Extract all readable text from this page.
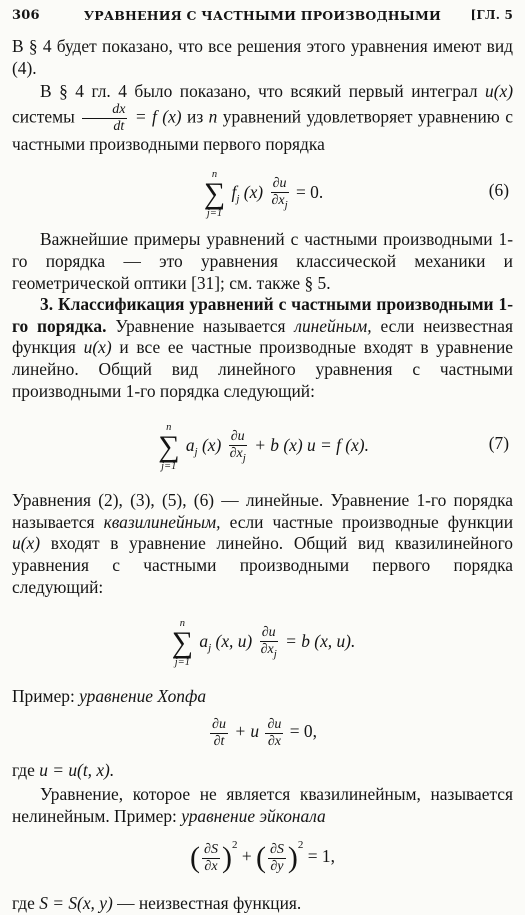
306	УРАВНЕНИЯ С ЧАСТНЫМИ ПРОИЗВОДНЫМИ	[ГЛ. 5

В § 4 будет показано, что все решения этого уравнения имеют вид (4).

В § 4 гл. 4 было показано, что всякий первый интеграл u(x) системы $\frac{dx}{dt} = f$ (x) из n уравнений удовлетворяет уравнению с частными производными первого порядка

n
∑
j=1
$f_j$ $(x) \frac{\partial u}{\partial x_j} = 0$.	(6)

Важнейшие примеры уравнений с частными производными 1-го порядка — это уравнения классической механики и геометрической оптики [31]; см. также § 5.

3. Классификация уравнений с частными производными 1-го порядка. Уравнение называется линейным, если неизвестная функция u(x) и все ее частные производные входят в уравнение линейно. Общий вид линейного уравнения с частными производными 1-го порядка следующий:

n
∑
j=1
$a_j$ $(x) \frac{\partial u}{\partial x_j} + b$ (x) u = f (x).	(7)

Уравнения (2), (3), (5), (6) — линейные. Уравнение 1-го порядка называется квазилинейным, если частные производные функции u(x) входят в уравнение линейно. Общий вид квазилинейного уравнения с частными производными первого порядка следующий:

n
∑
j=1
$a_j$ (x, $u) \frac{\partial u}{\partial x_j} = b$ (x, u).

Пример: уравнение Хопфа

$\frac{\partial u}{\partial t} + u \frac{\partial u}{\partial x} = 0$,

где u = u(t, x).

Уравнение, которое не является квазилинейным, называется нелинейным. Пример: уравнение эйконала

( $\frac{\partial S}{\partial x} )^2$ + ( $\frac{\partial S}{\partial y} )^2 = 1$,

где S = S(x, y) — неизвестная функция.
